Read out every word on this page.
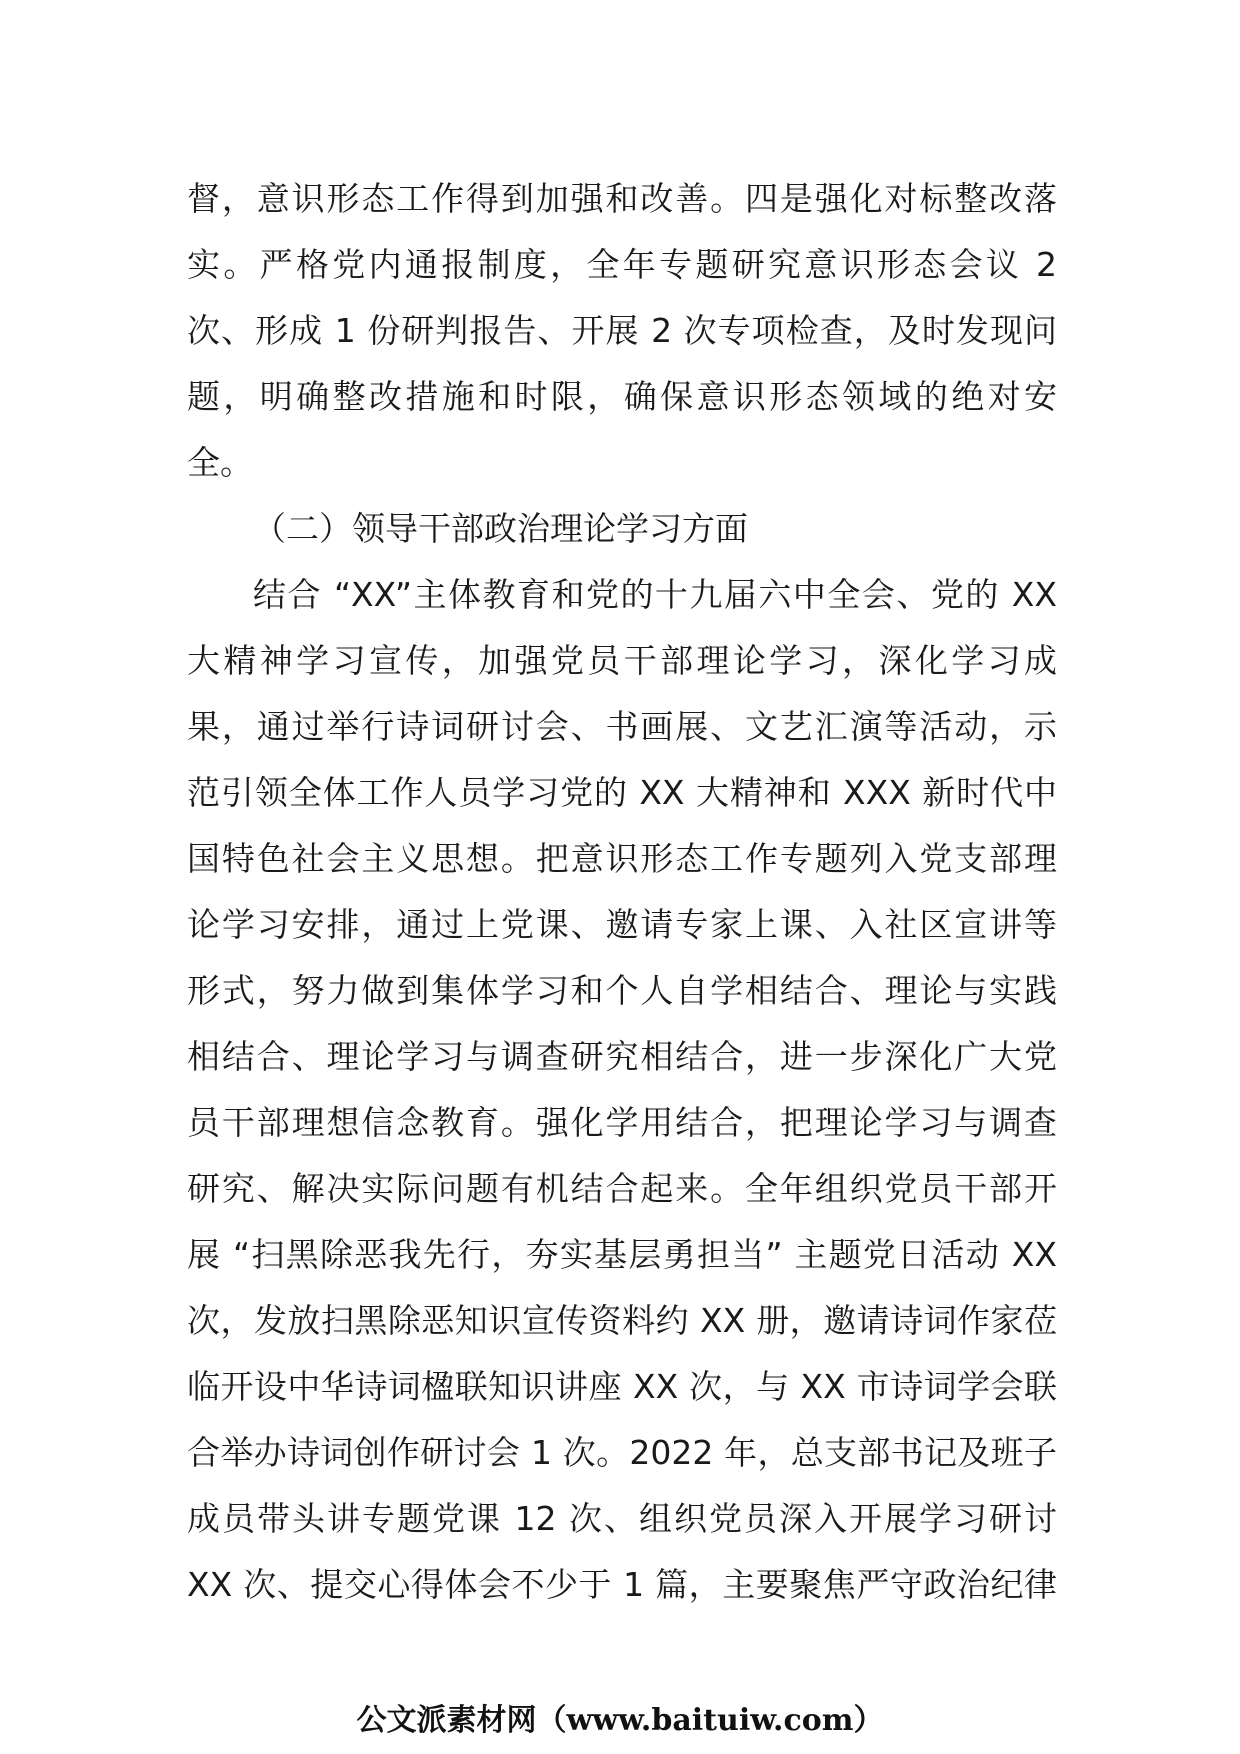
督，意识形态工作得到加强和改善。四是强化对标整改落
实。严格党内通报制度，全年专题研究意识形态会议 2
次、形成 1 份研判报告、开展 2 次专项检查，及时发现问
题，明确整改措施和时限，确保意识形态领域的绝对安
全。
（二）领导干部政治理论学习方面
结合 “XX”主体教育和党的十九届六中全会、党的 XX
大精神学习宣传，加强党员干部理论学习，深化学习成
果，通过举行诗词研讨会、书画展、文艺汇演等活动，示
范引领全体工作人员学习党的 XX 大精神和 XXX 新时代中
国特色社会主义思想。把意识形态工作专题列入党支部理
论学习安排，通过上党课、邀请专家上课、入社区宣讲等
形式，努力做到集体学习和个人自学相结合、理论与实践
相结合、理论学习与调查研究相结合，进一步深化广大党
员干部理想信念教育。强化学用结合，把理论学习与调查
研究、解决实际问题有机结合起来。全年组织党员干部开
展 “扫黑除恶我先行，夯实基层勇担当” 主题党日活动 XX
次，发放扫黑除恶知识宣传资料约 XX 册，邀请诗词作家莅
临开设中华诗词楹联知识讲座 XX 次，与 XX 市诗词学会联
合举办诗词创作研讨会 1 次。2022 年，总支部书记及班子
成员带头讲专题党课 12 次、组织党员深入开展学习研讨
XX 次、提交心得体会不少于 1 篇，主要聚焦严守政治纪律
公文派素材网（www.baituiw.com）
